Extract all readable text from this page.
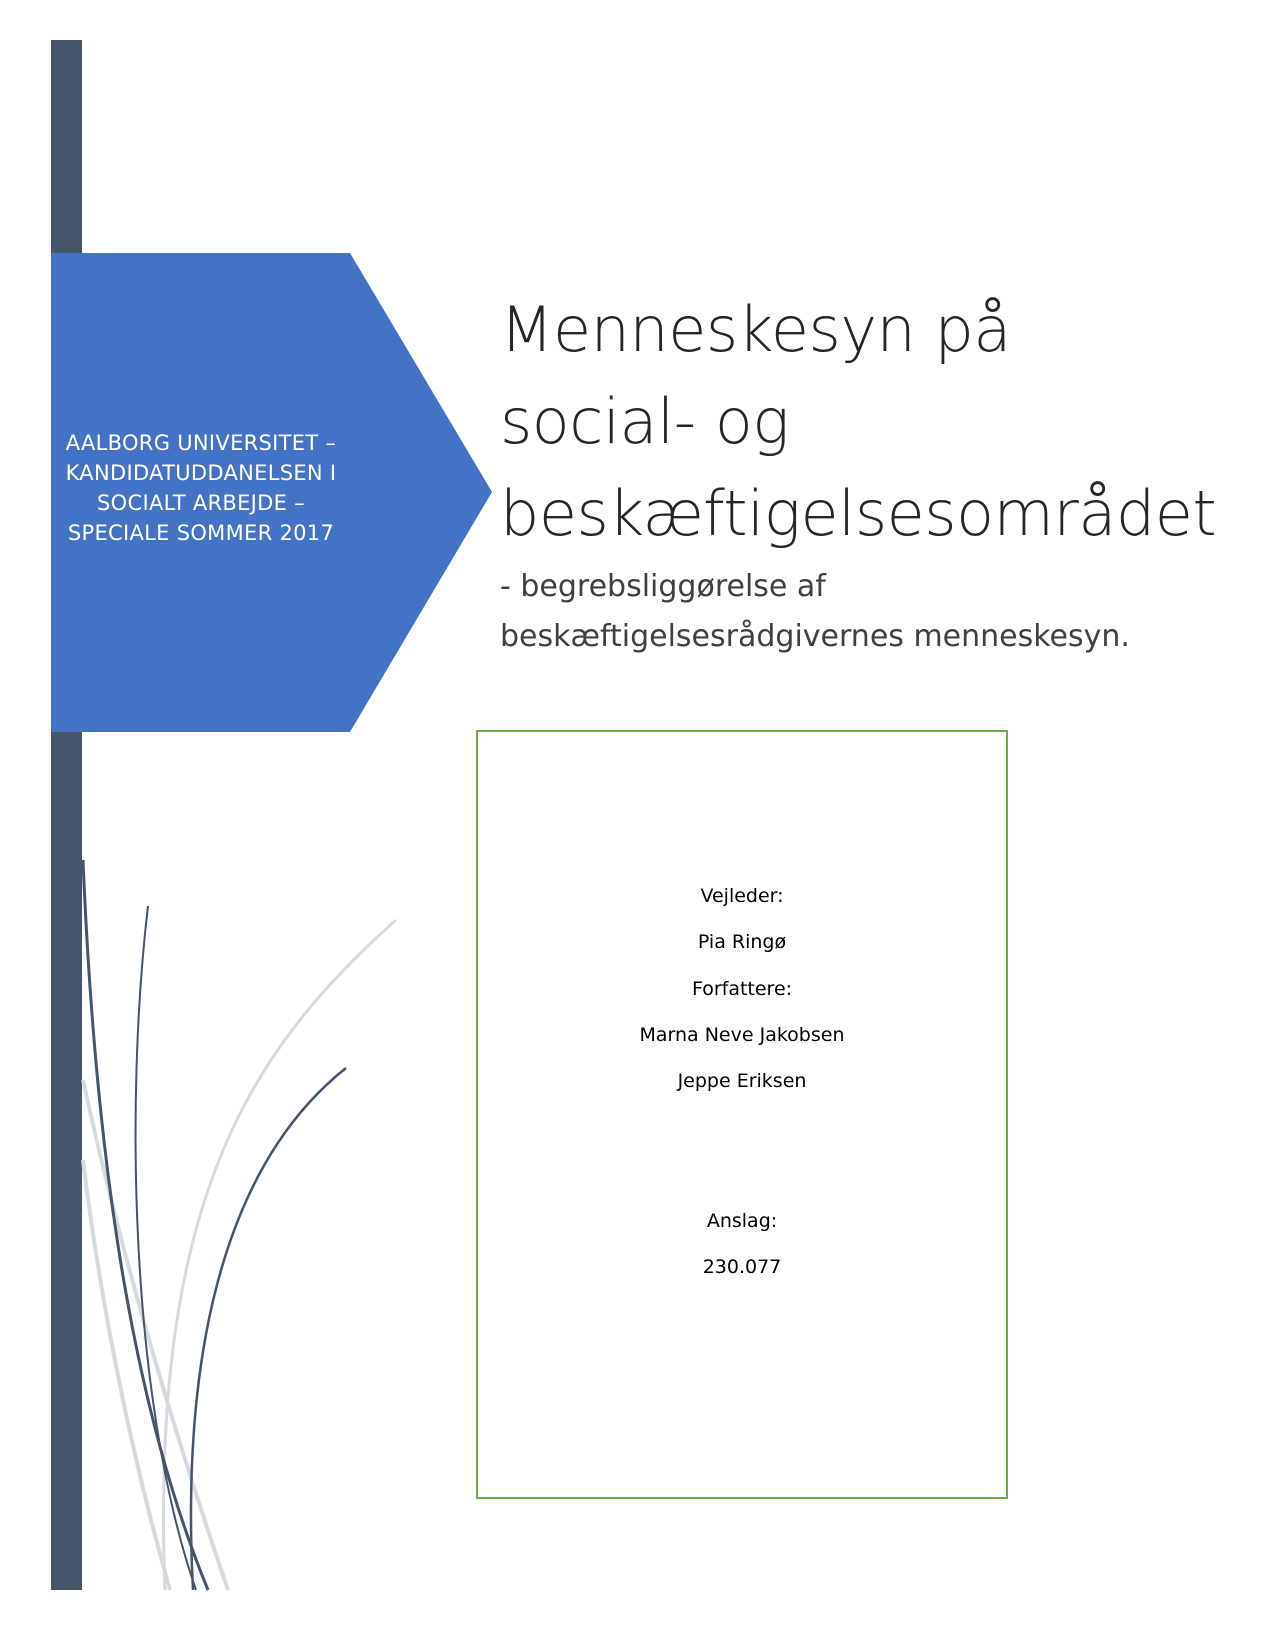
AALBORG UNIVERSITET – KANDIDATUDDANELSEN I SOCIALT ARBEJDE – SPECIALE SOMMER 2017
Menneskesyn på
social- og
beskæftigelsesområdet
- begrebsliggørelse af
beskæftigelsesrådgivernes menneskesyn.
Vejleder:
Pia Ringø
Forfattere:
Marna Neve Jakobsen
Jeppe Eriksen
Anslag:
230.077
